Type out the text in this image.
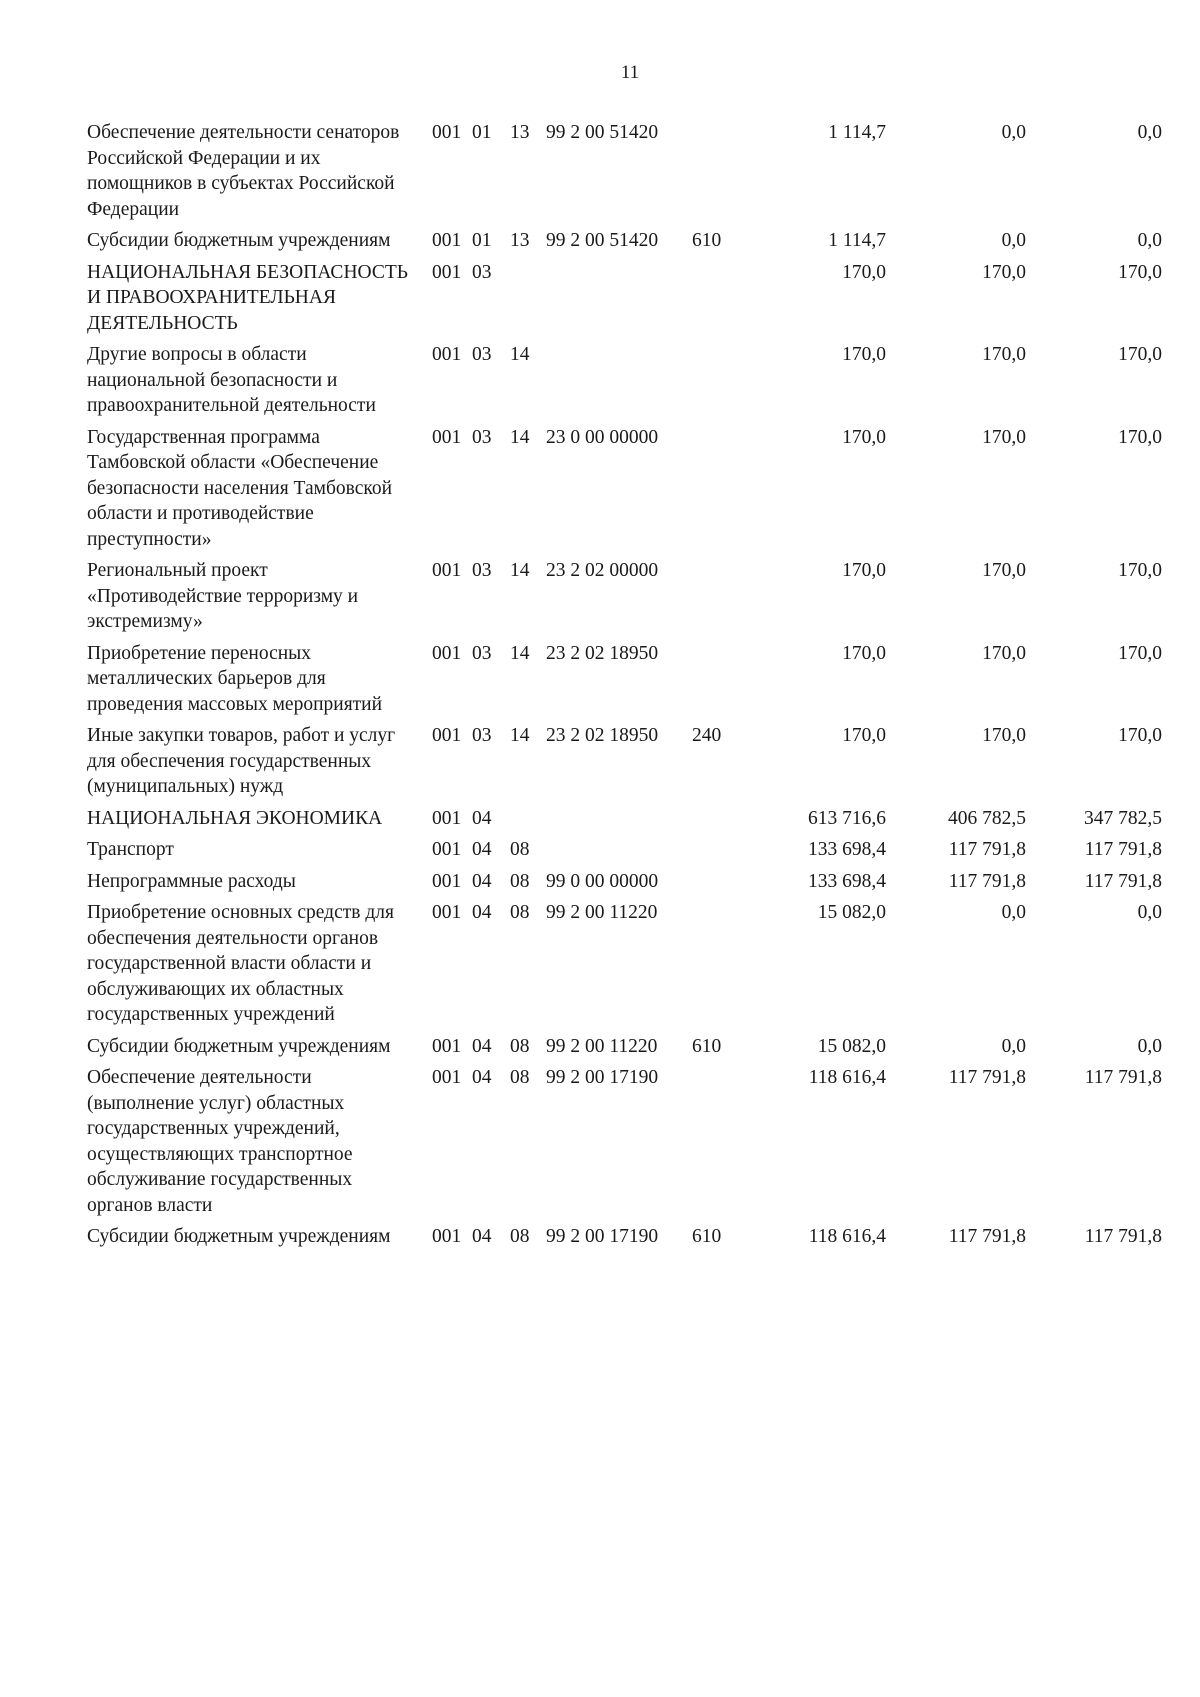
11
Обеспечение деятельности сенаторов Российской Федерации и их помощников в субъектах Российской Федерации	001	01	13	99 2 00 51420		1 114,7	0,0	0,0
Субсидии бюджетным учреждениям	001	01	13	99 2 00 51420	610	1 114,7	0,0	0,0
НАЦИОНАЛЬНАЯ БЕЗОПАСНОСТЬ И ПРАВООХРАНИТЕЛЬНАЯ ДЕЯТЕЛЬНОСТЬ	001	03				170,0	170,0	170,0
Другие вопросы в области национальной безопасности и правоохранительной деятельности	001	03	14			170,0	170,0	170,0
Государственная программа Тамбовской области «Обеспечение безопасности населения Тамбовской области и противодействие преступности»	001	03	14	23 0 00 00000		170,0	170,0	170,0
Региональный проект «Противодействие терроризму и экстремизму»	001	03	14	23 2 02 00000		170,0	170,0	170,0
Приобретение переносных металлических барьеров для проведения массовых мероприятий	001	03	14	23 2 02 18950		170,0	170,0	170,0
Иные закупки товаров, работ и услуг для обеспечения государственных (муниципальных) нужд	001	03	14	23 2 02 18950	240	170,0	170,0	170,0
НАЦИОНАЛЬНАЯ ЭКОНОМИКА	001	04				613 716,6	406 782,5	347 782,5
Транспорт	001	04	08			133 698,4	117 791,8	117 791,8
Непрограммные расходы	001	04	08	99 0 00 00000		133 698,4	117 791,8	117 791,8
Приобретение основных средств для обеспечения деятельности органов государственной власти области и обслуживающих их областных государственных учреждений	001	04	08	99 2 00 11220		15 082,0	0,0	0,0
Субсидии бюджетным учреждениям	001	04	08	99 2 00 11220	610	15 082,0	0,0	0,0
Обеспечение деятельности (выполнение услуг) областных государственных учреждений, осуществляющих транспортное обслуживание государственных органов власти	001	04	08	99 2 00 17190		118 616,4	117 791,8	117 791,8
Субсидии бюджетным учреждениям	001	04	08	99 2 00 17190	610	118 616,4	117 791,8	117 791,8
